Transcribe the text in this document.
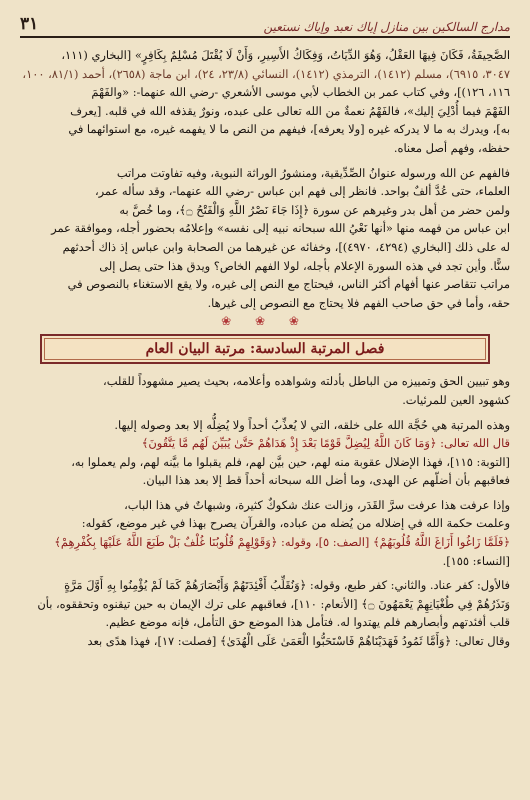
مدارج السالكين بين منازل إياك نعبد وإياك نستعين
٣١

الصَّحِيفَةُ، فَكَانَ فِيهَا العَقْلُ، وَهُوَ الدِّيَاتُ، وَفِكَاكُ الأَسِيرِ، وَأَنْ لَا يُقْتَلَ مُسْلِمٌ بِكَافِرٍ» [البخاري (١١١،

٣٠٤٧، ٦٩١٥)، مسلم (١٤١٢)، الترمذي (١٤١٢)، النسائي (٢٣/٨، ٢٤)، ابن ماجة (٢٦٥٨)، أحمد (٨١/١، ١٠٠،

١١٦، ١٢٦)]، وفي كتاب عمر بن الخطاب لأبي موسى الأشعري -رضي الله عنهما-: «والفَهْمَ

الفَهْمَ فيما أُدْلِيَ إليك»، فالفَهْمُ نعمةٌ من الله تعالى على عبده، ونورٌ يقذفه الله في قلبه. [يعرف

به]، ويدرك به ما لا يدركه غيره [ولا يعرفه]، فيفهم من النص ما لا يفهمه غيره، مع استوائهما في

حفظه، وفهم أصل معناه.

فالفهم عن الله ورسوله عنوانُ الصِّدِّيقية، ومنشورُ الوراثة النبوية، وفيه تفاوتت مراتب

العلماء، حتى عُدَّ ألفٌ بواحد. فانظر إلى فهم ابن عباس -رضي الله عنهما-، وقد سأله عمر،

ولمن حضر من أهل بدر وغيرهم عن سورة ﴿إِذَا جَاءَ نَصْرُ اللَّهِ وَالْفَتْحُ ۝﴾، وما خُصَّ به

ابن عباس من فهمه منها «أنها نَعْيُ الله سبحانه نبيه إلى نفسه» وإعلامُه بحضور أجله، وموافقة عمر

له على ذلك [البخاري (٤٢٩٤، ٤٩٧٠)]، وخفائه عن غيرهما من الصحابة وابن عباس إذ ذاك أحدثهم

سنًّا. وأين تجد في هذه السورة الإعلام بأجله، لولا الفهم الخاص؟ ويدق هذا حتى يصل إلى

مراتب تتقاصر عنها أفهام أكثر الناس، فيحتاج مع النص إلى غيره، ولا يقع الاستغناء بالنصوص في

حقه، وأما في حق صاحب الفهم فلا يحتاج مع النصوص إلى غيرها.

❀ ❀ ❀
فصل المرتبة السادسة: مرتبة البيان العام

وهو تبيين الحق وتمييزه من الباطل بأدلته وشواهده وأعلامه، بحيث يصير مشهوداً للقلب،

كشهود العين للمرئيات.

وهذه المرتبة هي حُجَّة الله على خلقه، التي لا يُعذِّبُ أحداً ولا يُضِلُّه إلا بعد وصوله إليها.

قال الله تعالى: ﴿وَمَا كَانَ اللَّهُ لِيُضِلَّ قَوْمًا بَعْدَ إِذْ هَدَاهُمْ حَتَّىٰ يُبَيِّنَ لَهُم مَّا يَتَّقُونَ﴾

[التوبة: ١١٥]، فهذا الإضلال عقوبة منه لهم، حين بيَّن لهم، فلم يقبلوا ما بيَّنه لهم، ولم يعملوا به،

فعاقبهم بأن أضلّهم عن الهدى، وما أضل الله سبحانه أحداً قط إلا بعد هذا البيان.

وإذا عرفت هذا عرفت سرَّ القَدَر، وزالت عنك شكوكٌ كثيرة، وشبهاتٌ في هذا الباب،

وعلمت حكمة الله في إضلاله من يُضله من عباده، والقرآن يصرح بهذا في غير موضع، كقوله:

﴿فَلَمَّا زَاغُوا أَزَاغَ اللَّهُ قُلُوبَهُمْ﴾ [الصف: ٥]، وقوله: ﴿وَقَوْلِهِمْ قُلُوبُنَا غُلْفٌ بَلْ طَبَعَ اللَّهُ عَلَيْهَا بِكُفْرِهِمْ﴾

[النساء: ١٥٥].

فالأول: كفر عناد. والثاني: كفر طبع، وقوله: ﴿وَنُقَلِّبُ أَفْئِدَتَهُمْ وَأَبْصَارَهُمْ كَمَا لَمْ يُؤْمِنُوا بِهِ أَوَّلَ مَرَّةٍ

وَنَذَرُهُمْ فِي طُغْيَانِهِمْ يَعْمَهُونَ ۝﴾ [الأنعام: ١١٠]، فعاقبهم على ترك الإيمان به حين تيقنوه وتحققوه، بأن

قلب أفئدتهم وأبصارهم فلم يهتدوا له. فتأمل هذا الموضع حق التأمل، فإنه موضع عظيم.

وقال تعالى: ﴿وَأَمَّا ثَمُودُ فَهَدَيْنَاهُمْ فَاسْتَحَبُّوا الْعَمَىٰ عَلَى الْهُدَىٰ﴾ [فصلت: ١٧]، فهذا هدًى بعد
